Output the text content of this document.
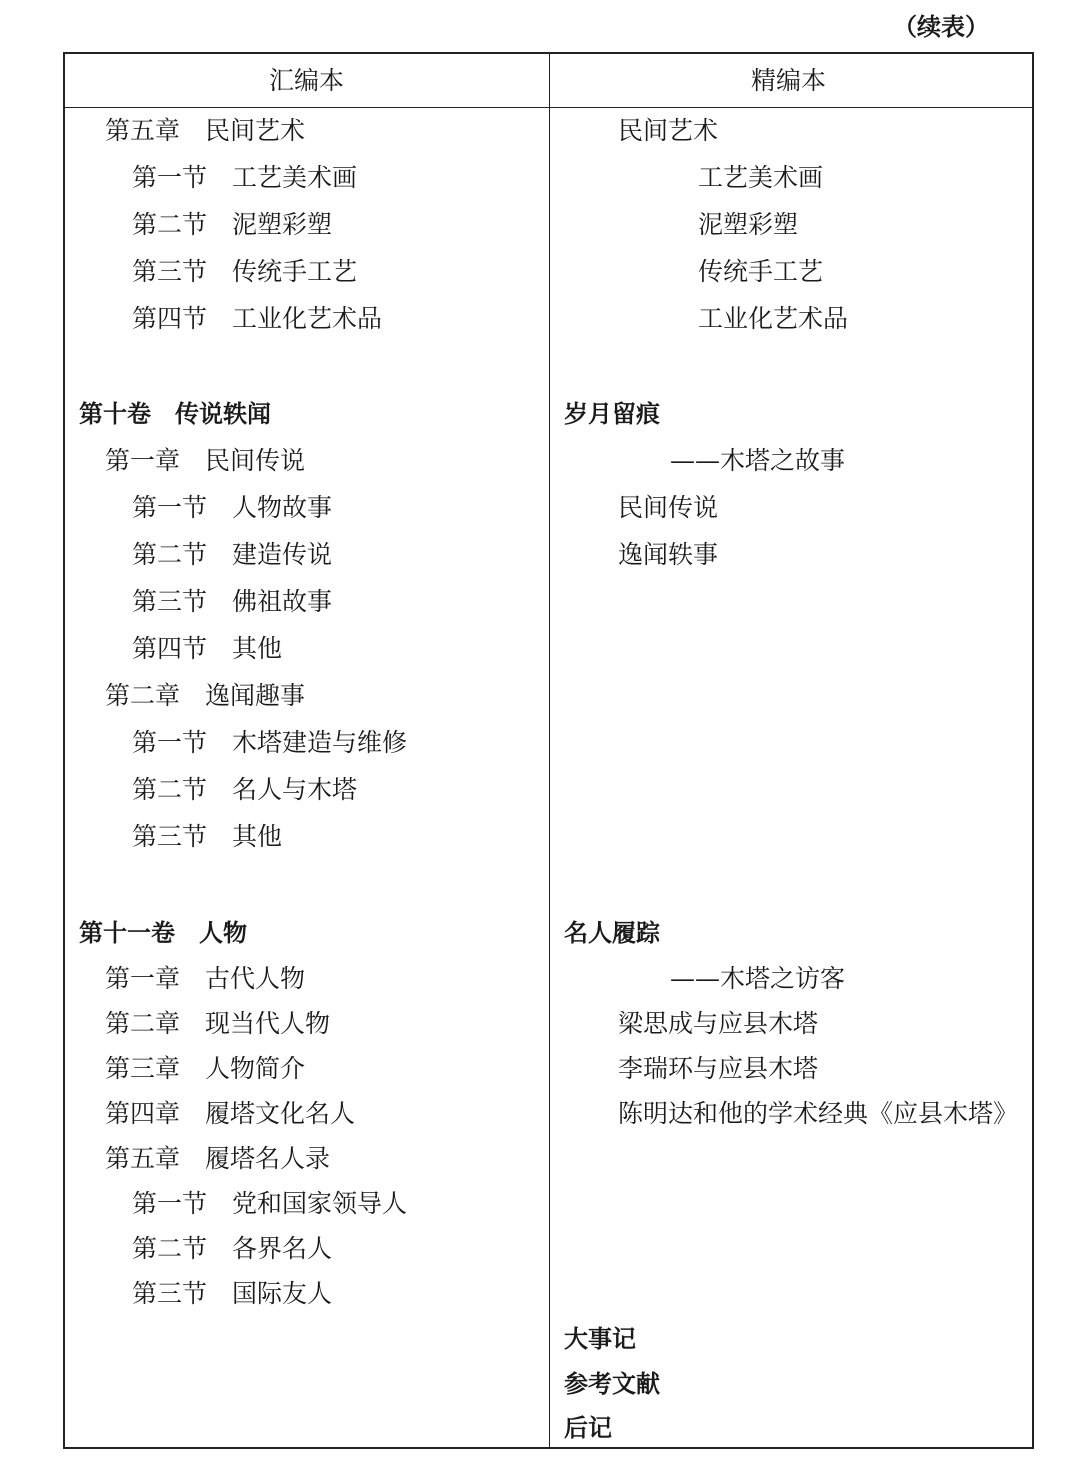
（续表）
汇编本	精编本
第五章　民间艺术
第一节　工艺美术画
第二节　泥塑彩塑
第三节　传统手工艺
第四节　工业化艺术品
第十卷　传说轶闻
第一章　民间传说
第一节　人物故事
第二节　建造传说
第三节　佛祖故事
第四节　其他
第二章　逸闻趣事
第一节　木塔建造与维修
第二节　名人与木塔
第三节　其他
第十一卷　人物
第一章　古代人物
第二章　现当代人物
第三章　人物简介
第四章　履塔文化名人
第五章　履塔名人录
第一节　党和国家领导人
第二节　各界名人
第三节　国际友人
民间艺术
工艺美术画
泥塑彩塑
传统手工艺
工业化艺术品
岁月留痕
——木塔之故事
民间传说
逸闻轶事
名人履踪
——木塔之访客
梁思成与应县木塔
李瑞环与应县木塔
陈明达和他的学术经典《应县木塔》
大事记
参考文献
后记
